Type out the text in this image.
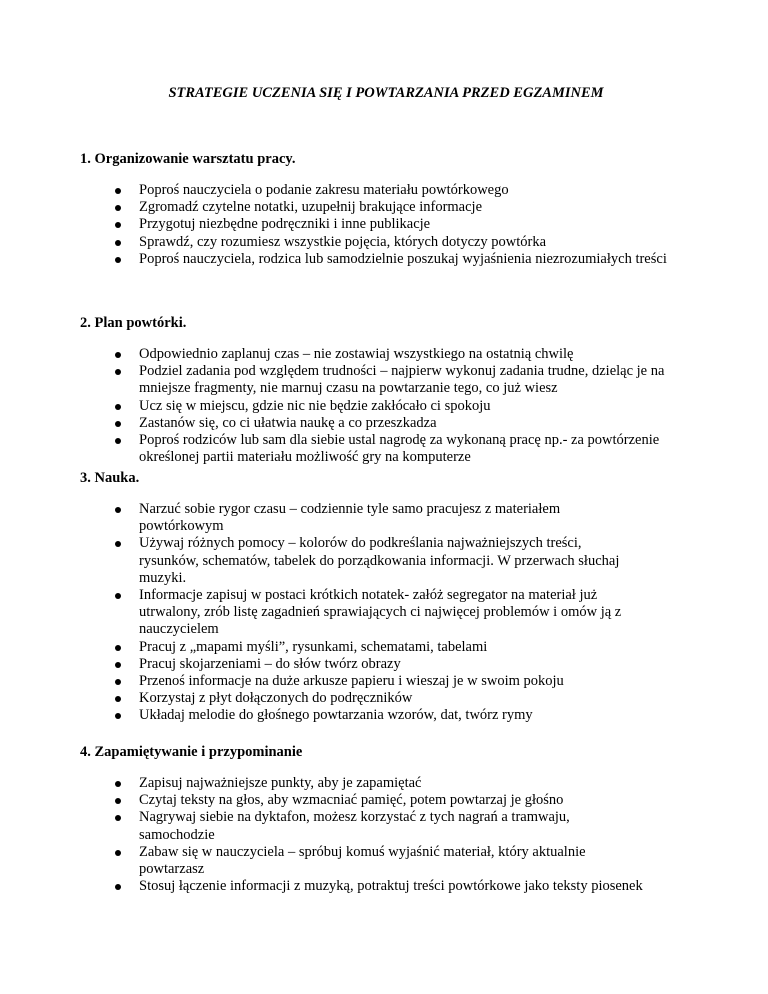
STRATEGIE UCZENIA SIĘ I POWTARZANIA PRZED EGZAMINEM
1. Organizowanie warsztatu pracy.
Poproś nauczyciela o podanie zakresu materiału powtórkowego
Zgromadź czytelne notatki, uzupełnij brakujące informacje
Przygotuj niezbędne podręczniki i inne publikacje
Sprawdź, czy rozumiesz wszystkie pojęcia, których dotyczy powtórka
Poproś nauczyciela, rodzica lub samodzielnie poszukaj wyjaśnienia niezrozumiałych treści
2. Plan powtórki.
Odpowiednio zaplanuj czas – nie zostawiaj wszystkiego na ostatnią chwilę
Podziel zadania pod względem trudności – najpierw wykonuj zadania trudne, dzieląc je na mniejsze fragmenty, nie marnuj czasu na powtarzanie tego, co już wiesz
Ucz się w miejscu, gdzie nic nie będzie zakłócało ci spokoju
Zastanów się, co ci ułatwia naukę a co przeszkadza
Poproś rodziców lub sam dla siebie ustal nagrodę za wykonaną pracę np.- za powtórzenie określonej partii materiału możliwość gry na komputerze
3. Nauka.
Narzuć sobie rygor czasu – codziennie tyle samo pracujesz z materiałem powtórkowym
Używaj różnych pomocy – kolorów do podkreślania najważniejszych treści, rysunków, schematów, tabelek do porządkowania informacji. W przerwach słuchaj muzyki.
Informacje zapisuj w postaci krótkich notatek- załóż segregator na materiał już utrwalony, zrób listę zagadnień sprawiających ci najwięcej problemów i omów ją z nauczycielem
Pracuj z „mapami myśli”, rysunkami, schematami, tabelami
Pracuj skojarzeniami – do słów twórz obrazy
Przenoś informacje na duże arkusze papieru i wieszaj je w swoim pokoju
Korzystaj z płyt dołączonych do podręczników
Układaj melodie do głośnego powtarzania wzorów, dat, twórz rymy
4. Zapamiętywanie i przypominanie
Zapisuj najważniejsze punkty, aby je zapamiętać
Czytaj teksty na głos, aby wzmacniać pamięć, potem powtarzaj je głośno
Nagrywaj siebie na dyktafon, możesz korzystać z tych nagrań a tramwaju, samochodzie
Zabaw się w nauczyciela – spróbuj komuś wyjaśnić materiał, który aktualnie powtarzasz
Stosuj łączenie informacji z muzyką, potraktuj treści powtórkowe jako teksty piosenek
